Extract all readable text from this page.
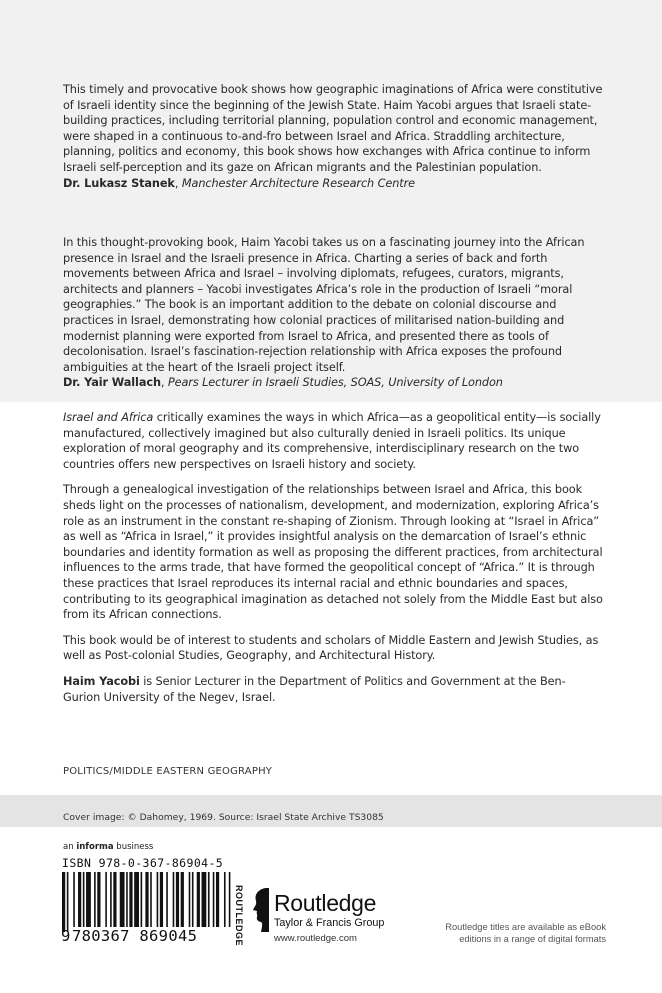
This timely and provocative book shows how geographic imaginations of Africa were constitutive of Israeli identity since the beginning of the Jewish State. Haim Yacobi argues that Israeli state-building practices, including territorial planning, population control and economic management, were shaped in a continuous to-and-fro between Israel and Africa. Straddling architecture, planning, politics and economy, this book shows how exchanges with Africa continue to inform Israeli self-perception and its gaze on African migrants and the Palestinian population.

Dr. Lukasz Stanek, Manchester Architecture Research Centre

In this thought-provoking book, Haim Yacobi takes us on a fascinating journey into the African presence in Israel and the Israeli presence in Africa. Charting a series of back and forth movements between Africa and Israel – involving diplomats, refugees, curators, migrants, architects and planners – Yacobi investigates Africa’s role in the production of Israeli “moral geographies.” The book is an important addition to the debate on colonial discourse and practices in Israel, demonstrating how colonial practices of militarised nation-building and modernist planning were exported from Israel to Africa, and presented there as tools of decolonisation. Israel’s fascination-rejection relationship with Africa exposes the profound ambiguities at the heart of the Israeli project itself.

Dr. Yair Wallach, Pears Lecturer in Israeli Studies, SOAS, University of London

Israel and Africa critically examines the ways in which Africa—as a geopolitical entity—is socially manufactured, collectively imagined but also culturally denied in Israeli politics. Its unique exploration of moral geography and its comprehensive, interdisciplinary research on the two countries offers new perspectives on Israeli history and society.

Through a genealogical investigation of the relationships between Israel and Africa, this book sheds light on the processes of nationalism, development, and modernization, exploring Africa’s role as an instrument in the constant re-shaping of Zionism. Through looking at “Israel in Africa” as well as “Africa in Israel,” it provides insightful analysis on the demarcation of Israel’s ethnic boundaries and identity formation as well as proposing the different practices, from architectural influences to the arms trade, that have formed the geopolitical concept of “Africa.” It is through these practices that Israel reproduces its internal racial and ethnic boundaries and spaces, contributing to its geographical imagination as detached not solely from the Middle East but also from its African connections.

This book would be of interest to students and scholars of Middle Eastern and Jewish Studies, as well as Post-colonial Studies, Geography, and Architectural History.

Haim Yacobi is Senior Lecturer in the Department of Politics and Government at the Ben-Gurion University of the Negev, Israel.

POLITICS/MIDDLE EASTERN GEOGRAPHY
Cover image: © Dahomey, 1969. Source: Israel State Archive TS3085
an informa business
ISBN 978-0-367-86904-5
9 780367 869045	ROUTLEDGE Routledge
Taylor & Francis Group
www.routledge.com
Routledge titles are available as eBook
editions in a range of digital formats
